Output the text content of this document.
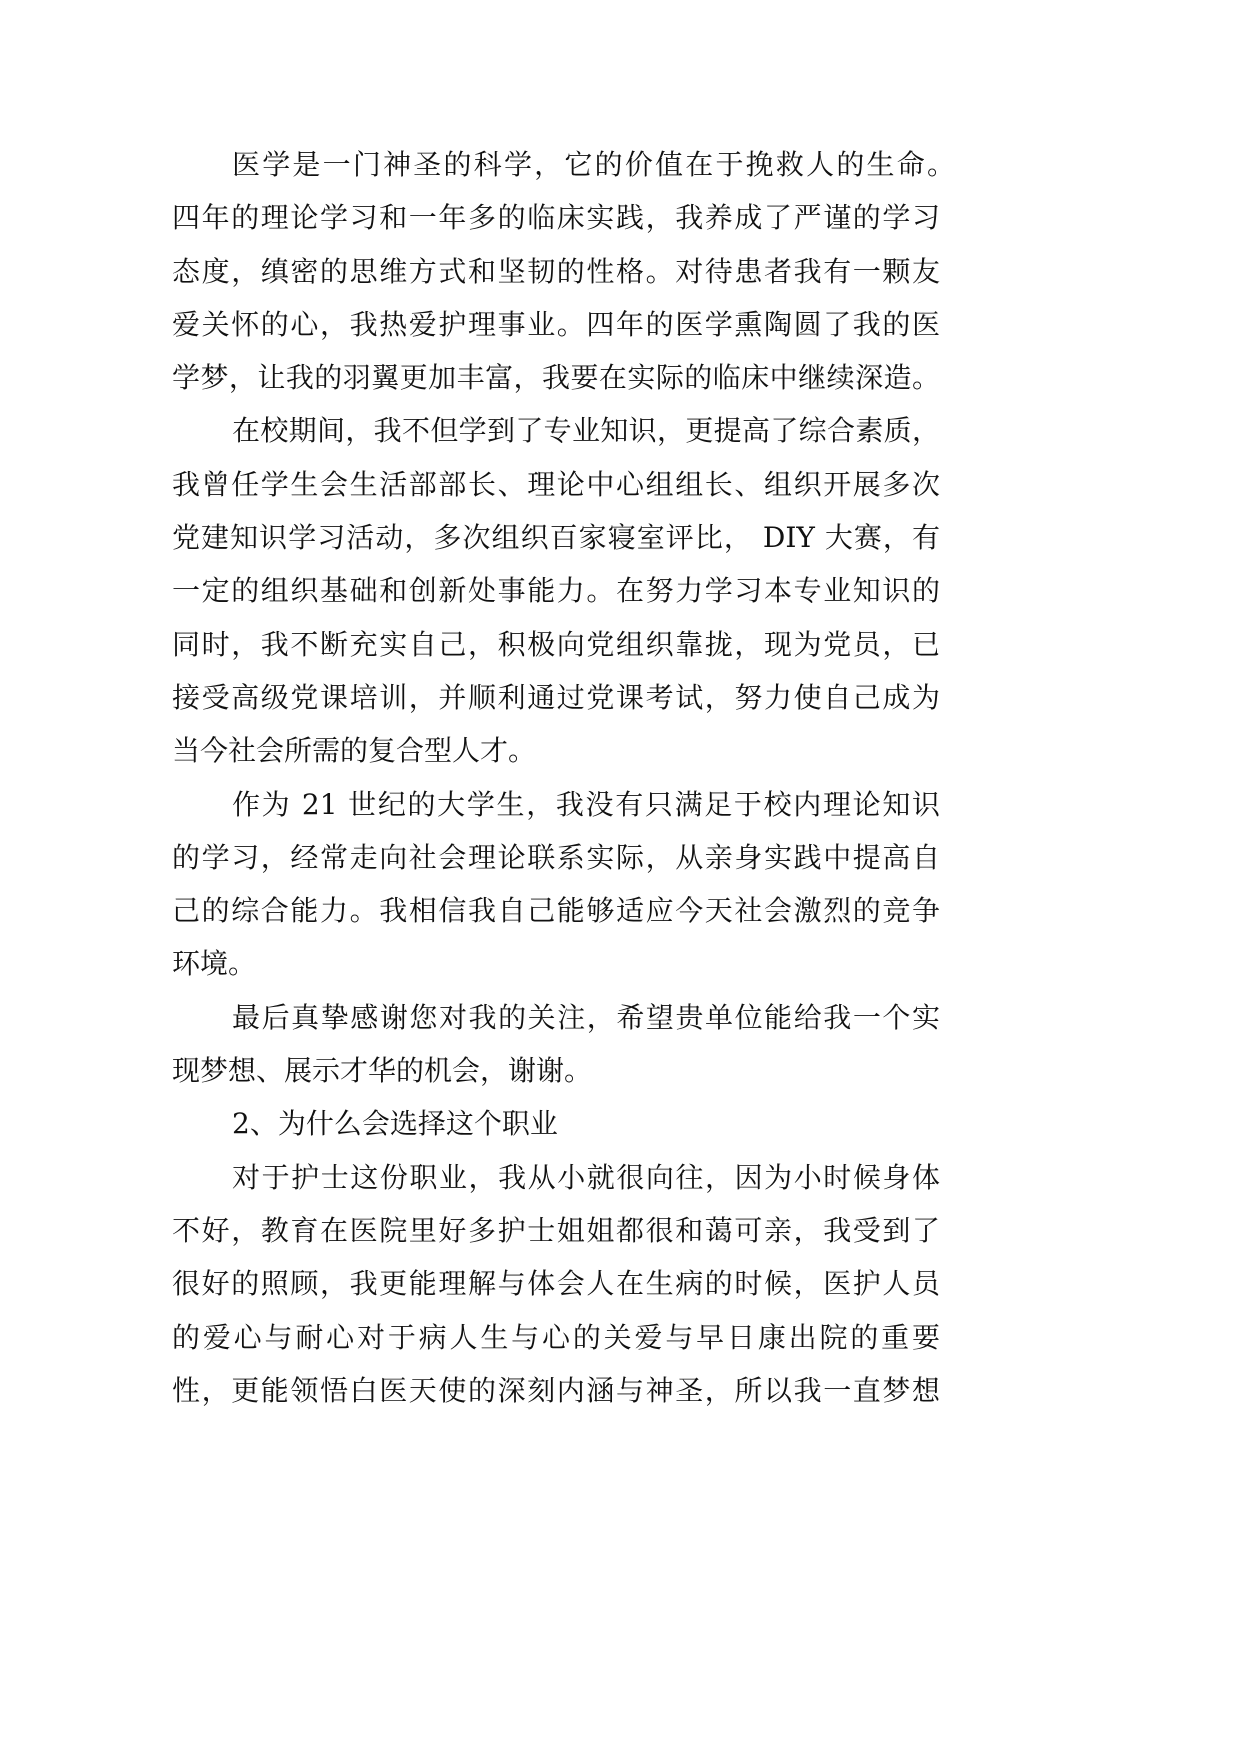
医学是一门神圣的科学，它的价值在于挽救人的生命。
四年的理论学习和一年多的临床实践，我养成了严谨的学习
态度，缜密的思维方式和坚韧的性格。对待患者我有一颗友
爱关怀的心，我热爱护理事业。四年的医学熏陶圆了我的医
学梦，让我的羽翼更加丰富，我要在实际的临床中继续深造。
在校期间，我不但学到了专业知识，更提高了综合素质，
我曾任学生会生活部部长、理论中心组组长、组织开展多次
党建知识学习活动，多次组织百家寝室评比， DIY 大赛，有
一定的组织基础和创新处事能力。在努力学习本专业知识的
同时，我不断充实自己，积极向党组织靠拢，现为党员，已
接受高级党课培训，并顺利通过党课考试，努力使自己成为
当今社会所需的复合型人才。
作为 21 世纪的大学生，我没有只满足于校内理论知识
的学习，经常走向社会理论联系实际，从亲身实践中提高自
己的综合能力。我相信我自己能够适应今天社会激烈的竞争
环境。
最后真挚感谢您对我的关注，希望贵单位能给我一个实
现梦想、展示才华的机会，谢谢。
2、为什么会选择这个职业
对于护士这份职业，我从小就很向往，因为小时候身体
不好，教育在医院里好多护士姐姐都很和蔼可亲，我受到了
很好的照顾，我更能理解与体会人在生病的时候，医护人员
的爱心与耐心对于病人生与心的关爱与早日康出院的重要
性，更能领悟白医天使的深刻内涵与神圣，所以我一直梦想
